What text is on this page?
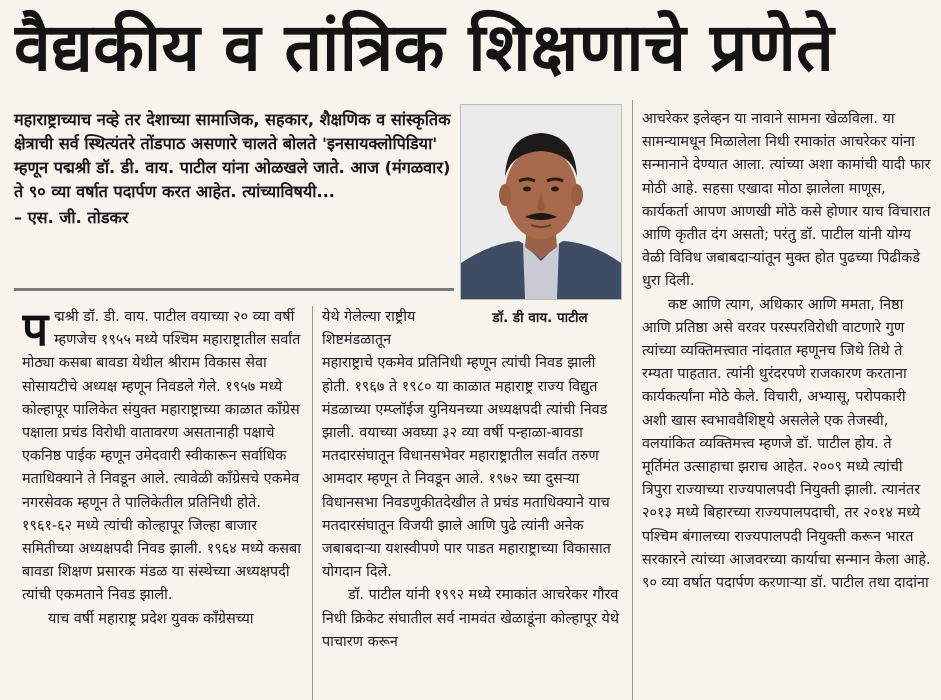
वैद्यकीय व तांत्रिक शिक्षणाचे प्रणेते

महाराष्ट्राच्याच नव्हे तर देशाच्या सामाजिक, सहकार, शैक्षणिक व सांस्कृतिक क्षेत्राची सर्व स्थित्यंतरे तोंडपाठ असणारे चालते बोलते 'इनसायक्लोपिडिया' म्हणून पद्मश्री डॉ. डी. वाय. पाटील यांना ओळखले जाते. आज (मंगळवार) ते ९० व्या वर्षात पदार्पण करत आहेत. त्यांच्याविषयी...

– एस. जी. तोडकर

डॉ. डी वाय. पाटील

पद्मश्री डॉ. डी. वाय. पाटील वयाच्या २० व्या वर्षी म्हणजेच १९५५ मध्ये पश्चिम महाराष्ट्रातील सर्वांत मोठ्या कसबा बावडा येथील श्रीराम विकास सेवा सोसायटीचे अध्यक्ष म्हणून निवडले गेले. १९५७ मध्ये कोल्हापूर पालिकेत संयुक्त महाराष्ट्राच्या काळात काँग्रेस पक्षाला प्रचंड विरोधी वातावरण असतानाही पक्षाचे एकनिष्ठ पाईक म्हणून उमेदवारी स्वीकारून सर्वाधिक मताधिक्याने ते निवडून आले. त्यावेळी काँग्रेसचे एकमेव नगरसेवक म्हणून ते पालिकेतील प्रतिनिधी होते. १९६१-६२ मध्ये त्यांची कोल्हापूर जिल्हा बाजार समितीच्या अध्यक्षपदी निवड झाली. १९६४ मध्ये कसबा बावडा शिक्षण प्रसारक मंडळ या संस्थेच्या अध्यक्षपदी त्यांची एकमताने निवड झाली.

याच वर्षी महाराष्ट्र प्रदेश युवक काँग्रेसच्या

येथे गेलेल्या राष्ट्रीय

शिष्टमंडळातून

महाराष्ट्राचे एकमेव प्रतिनिधी म्हणून त्यांची निवड झाली होती. १९६७ ते १९८० या काळात महाराष्ट्र राज्य विद्युत मंडळाच्या एम्प्लॉईज युनियनच्या अध्यक्षपदी त्यांची निवड झाली. वयाच्या अवघ्या ३२ व्या वर्षी पन्हाळा-बावडा मतदारसंघातून विधानसभेवर महाराष्ट्रातील सर्वांत तरुण आमदार म्हणून ते निवडून आले. १९७२ च्या दुसऱ्या विधानसभा निवडणुकीतदेखील ते प्रचंड मताधिक्याने याच मतदारसंघातून विजयी झाले आणि पुढे त्यांनी अनेक जबाबदाऱ्या यशस्वीपणे पार पाडत महाराष्ट्राच्या विकासात योगदान दिले.

डॉ. पाटील यांनी १९९२ मध्ये रमाकांत आचरेकर गौरव निधी क्रिकेट संघातील सर्व नामवंत खेळाडूंना कोल्हापूर येथे पाचारण करून

आचरेकर इलेव्हन या नावाने सामना खेळविला. या सामन्यामधून मिळालेला निधी रमाकांत आचरेकर यांना सन्मानाने देण्यात आला. त्यांच्या अशा कामांची यादी फार मोठी आहे. सहसा एखादा मोठा झालेला माणूस, कार्यकर्ता आपण आणखी मोठे कसे होणार याच विचारात आणि कृतीत दंग असतो; परंतु डॉ. पाटील यांनी योग्य वेळी विविध जबाबदाऱ्यांतून मुक्त होत पुढच्या पिढीकडे धुरा दिली.

कष्ट आणि त्याग, अधिकार आणि ममता, निष्ठा आणि प्रतिष्ठा असे वरवर परस्परविरोधी वाटणारे गुण त्यांच्या व्यक्तिमत्त्वात नांदतात म्हणूनच जिथे तिथे ते रम्यता पाहतात. त्यांनी धुरंदरपणे राजकारण करताना कार्यकर्त्यांना मोठे केले. विचारी, अभ्यासू, परोपकारी अशी खास स्वभाववैशिष्ट्ये असलेले एक तेजस्वी, वलयांकित व्यक्तिमत्त्व म्हणजे डॉ. पाटील होय. ते मूर्तिमंत उत्साहाचा झराच आहेत. २००९ मध्ये त्यांची त्रिपुरा राज्याच्या राज्यपालपदी नियुक्ती झाली. त्यानंतर २०१३ मध्ये बिहारच्या राज्यपालपदाची, तर २०१४ मध्ये पश्चिम बंगालच्या राज्यपालपदी नियुक्ती करून भारत सरकारने त्यांच्या आजवरच्या कार्याचा सन्मान केला आहे. ९० व्या वर्षात पदार्पण करणाऱ्या डॉ. पाटील तथा दादांना
